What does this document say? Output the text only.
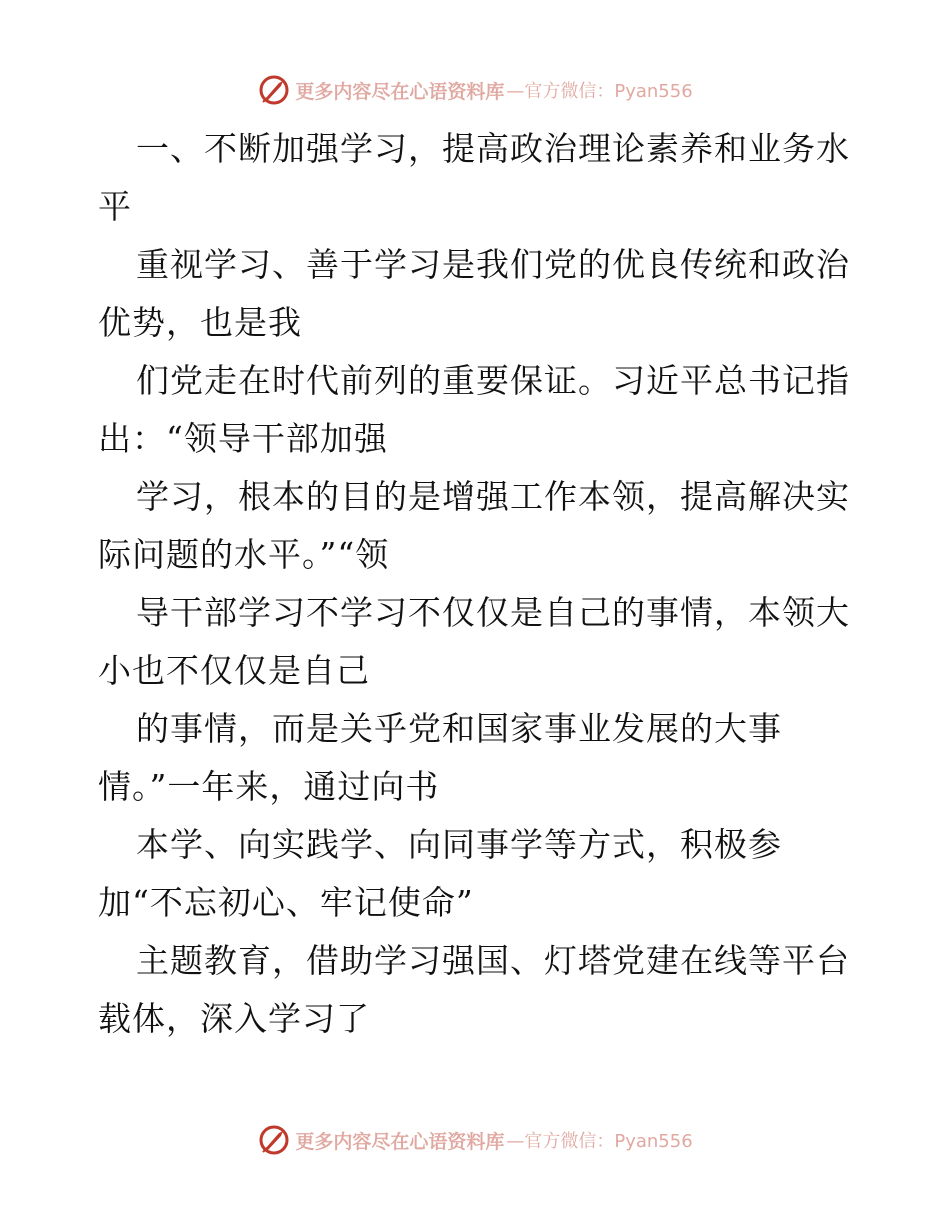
更多内容尽在心语资料库 —官方微信：Pyan556

一、不断加强学习，提高政治理论素养和业务水
平

重视学习、善于学习是我们党的优良传统和政治
优势，也是我

们党走在时代前列的重要保证。习近平总书记指
出：“领导干部加强

学习，根本的目的是增强工作本领，提高解决实
际问题的水平。”“领

导干部学习不学习不仅仅是自己的事情，本领大
小也不仅仅是自己

的事情，而是关乎党和国家事业发展的大事
情。”一年来，通过向书

本学、向实践学、向同事学等方式，积极参
加“不忘初心、牢记使命”

主题教育，借助学习强国、灯塔党建在线等平台
载体，深入学习了

更多内容尽在心语资料库 —官方微信：Pyan556
